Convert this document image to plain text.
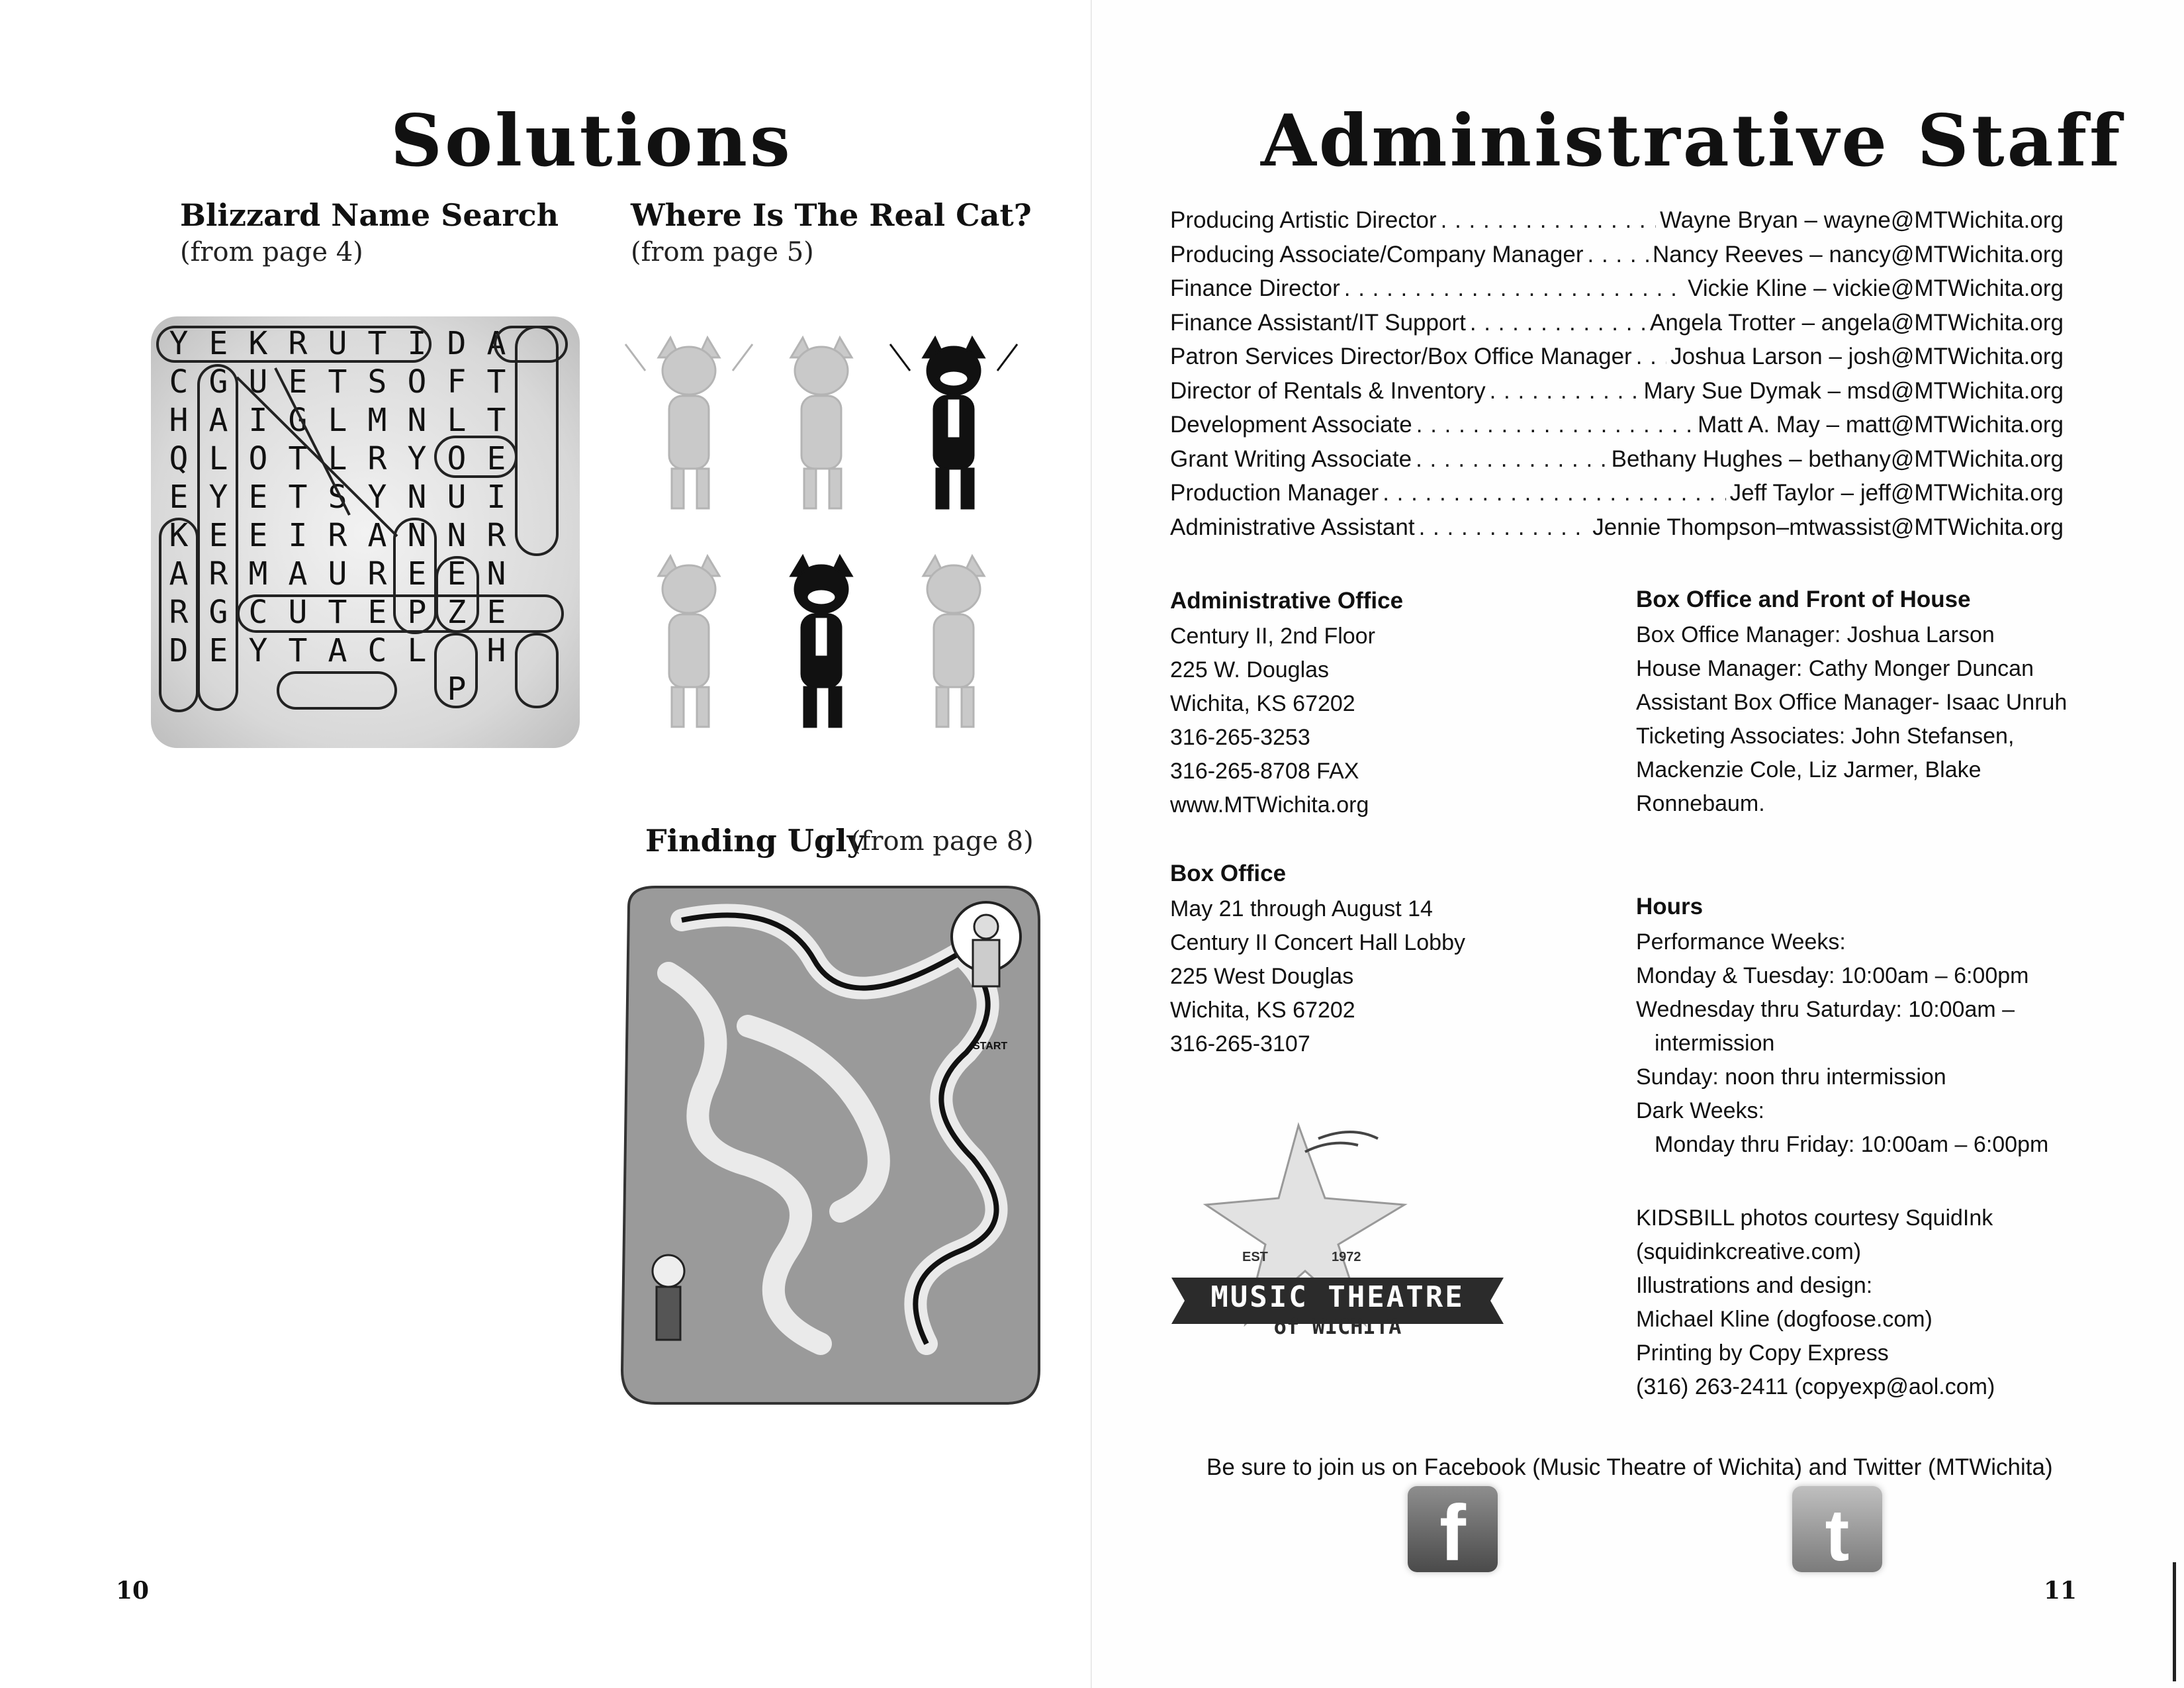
Solutions
Blizzard Name Search
(from page 4)
Where Is The Real Cat?
(from page 5)
Y E K R U T I D A
C G U E T S O F T
H A I G L M N L T
Q L O T L R Y O E
E Y E T S Y N U I
K E E I R A N N R
A R M A U R E E N
R G C U T E P Z E
D E Y T A C L	H
P
Finding Ugly
(from page 8)
START
10
Administrative Staff
Producing Artistic Director . . .	Wayne Bryan – wayne@MTWichita.org
Producing Associate/Company Manager . . .	Nancy Reeves – nancy@MTWichita.org
Finance Director . . .	Vickie Kline – vickie@MTWichita.org
Finance Assistant/IT Support . . .	Angela Trotter – angela@MTWichita.org
Patron Services Director/Box Office Manager . . . Joshua Larson – josh@MTWichita.org
Director of Rentals & Inventory . . .	Mary Sue Dymak – msd@MTWichita.org
Development Associate . . .	Matt A. May – matt@MTWichita.org
Grant Writing Associate . . .	Bethany Hughes – bethany@MTWichita.org
Production Manager . . .	Jeff Taylor – jeff@MTWichita.org
Administrative Assistant . . .	Jennie Thompson–mtwassist@MTWichita.org

Administrative Office

Century II, 2nd Floor

225 W. Douglas

Wichita, KS 67202

316-265-3253

316-265-8708 FAX

www.MTWichita.org

Box Office and Front of House

Box Office Manager: Joshua Larson

House Manager: Cathy Monger Duncan

Assistant Box Office Manager- Isaac Unruh

Ticketing Associates: John Stefansen,

Mackenzie Cole, Liz Jarmer, Blake

Ronnebaum.

Box Office

May 21 through August 14

Century II Concert Hall Lobby

225 West Douglas

Wichita, KS 67202

316-265-3107

Hours

Performance Weeks:

Monday & Tuesday: 10:00am – 6:00pm

Wednesday thru Saturday: 10:00am –

intermission

Sunday: noon thru intermission

Dark Weeks:

Monday thru Friday: 10:00am – 6:00pm

KIDSBILL photos courtesy SquidInk

(squidinkcreative.com)

Illustrations and design:

Michael Kline (dogfoose.com)

Printing by Copy Express

(316) 263-2411 (copyexp@aol.com)

EST	1972
MUSIC THEATRE
of WICHITA
Be sure to join us on Facebook (Music Theatre of Wichita) and Twitter (MTWichita)
f	t
11
